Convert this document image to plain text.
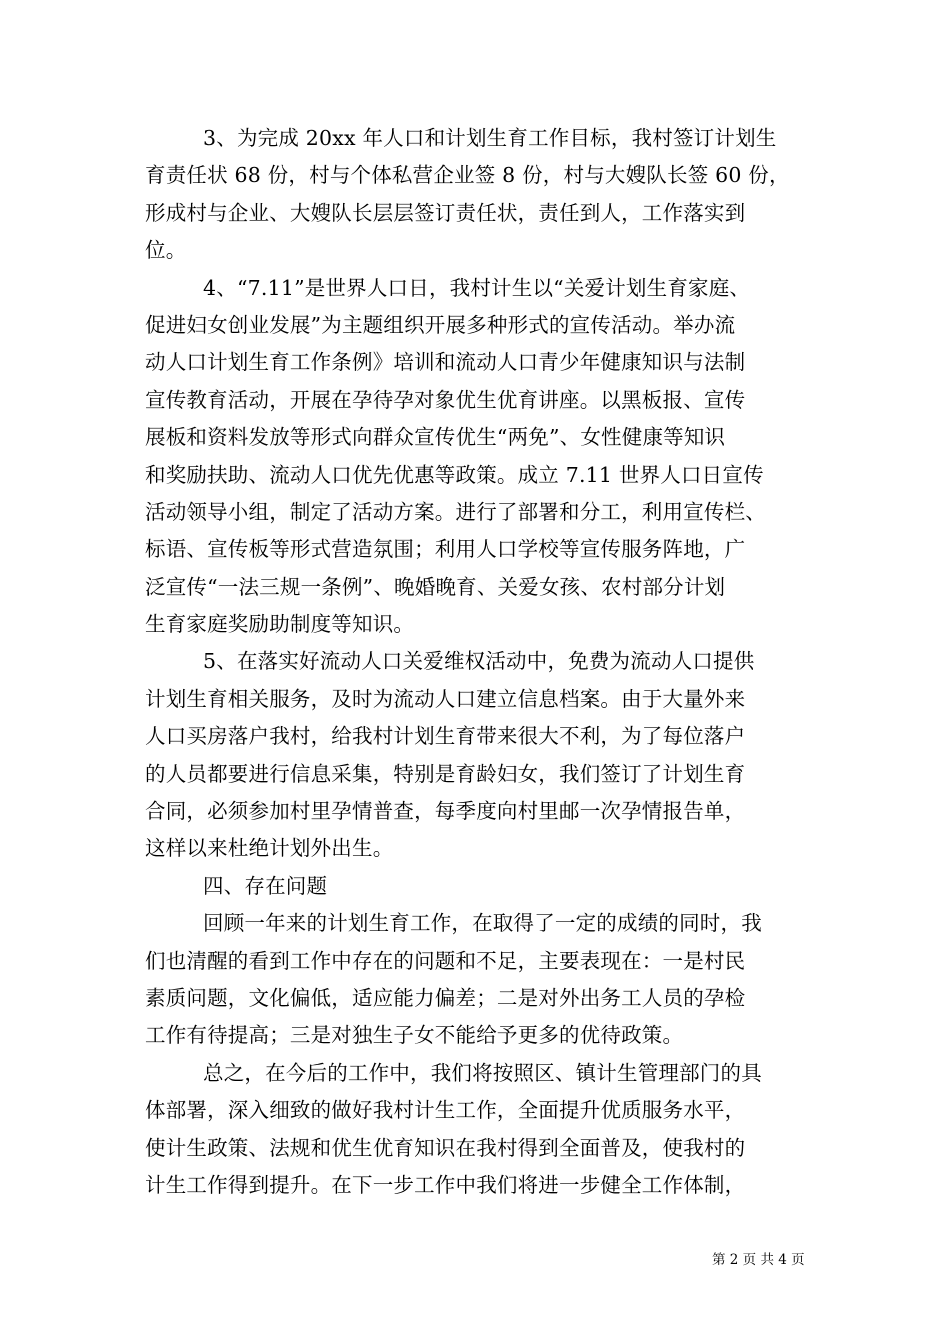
3、为完成 20xx 年人口和计划生育工作目标，我村签订计划生
育责任状 68 份，村与个体私营企业签 8 份，村与大嫂队长签 60 份，
形成村与企业、大嫂队长层层签订责任状，责任到人，工作落实到
位。
4、“7.11”是世界人口日，我村计生以“关爱计划生育家庭、
促进妇女创业发展”为主题组织开展多种形式的宣传活动。举办流
动人口计划生育工作条例》培训和流动人口青少年健康知识与法制
宣传教育活动，开展在孕待孕对象优生优育讲座。以黑板报、宣传
展板和资料发放等形式向群众宣传优生“两免”、女性健康等知识
和奖励扶助、流动人口优先优惠等政策。成立 7.11 世界人口日宣传
活动领导小组，制定了活动方案。进行了部署和分工，利用宣传栏、
标语、宣传板等形式营造氛围；利用人口学校等宣传服务阵地，广
泛宣传“一法三规一条例”、晚婚晚育、关爱女孩、农村部分计划
生育家庭奖励助制度等知识。
5、在落实好流动人口关爱维权活动中，免费为流动人口提供
计划生育相关服务，及时为流动人口建立信息档案。由于大量外来
人口买房落户我村，给我村计划生育带来很大不利，为了每位落户
的人员都要进行信息采集，特别是育龄妇女，我们签订了计划生育
合同，必须参加村里孕情普查，每季度向村里邮一次孕情报告单，
这样以来杜绝计划外出生。
四、存在问题
回顾一年来的计划生育工作，在取得了一定的成绩的同时，我
们也清醒的看到工作中存在的问题和不足，主要表现在：一是村民
素质问题，文化偏低，适应能力偏差；二是对外出务工人员的孕检
工作有待提高；三是对独生子女不能给予更多的优待政策。
总之，在今后的工作中，我们将按照区、镇计生管理部门的具
体部署，深入细致的做好我村计生工作，全面提升优质服务水平，
使计生政策、法规和优生优育知识在我村得到全面普及，使我村的
计生工作得到提升。在下一步工作中我们将进一步健全工作体制，
第 2 页 共 4 页
